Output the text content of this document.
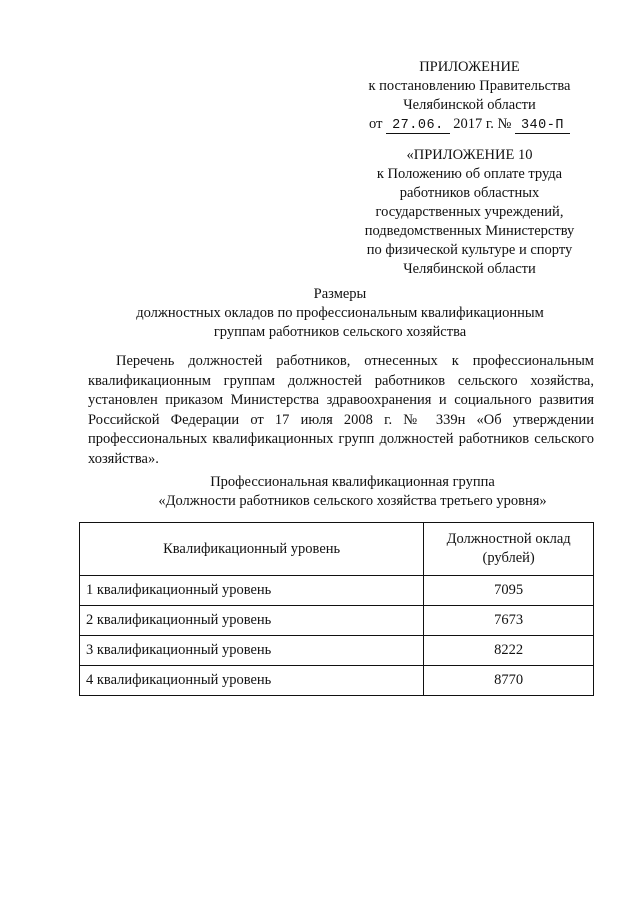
ПРИЛОЖЕНИЕ
к постановлению Правительства
Челябинской области
от 27.06. 2017 г. № 340-П
«ПРИЛОЖЕНИЕ 10
к Положению об оплате труда
работников областных
государственных учреждений,
подведомственных Министерству
по физической культуре и спорту
Челябинской области
Размеры
должностных окладов по профессиональным квалификационным
группам работников сельского хозяйства
Перечень должностей работников, отнесенных к профессиональным квалификационным группам должностей работников сельского хозяйства, установлен приказом Министерства здравоохранения и социального развития Российской Федерации от 17 июля 2008 г. № 339н «Об утверждении профессиональных квалификационных групп должностей работников сельского хозяйства».
Профессиональная квалификационная группа
«Должности работников сельского хозяйства третьего уровня»
Квалификационный уровень	Должностной оклад (рублей)
1 квалификационный уровень	7095
2 квалификационный уровень	7673
3 квалификационный уровень	8222
4 квалификационный уровень	8770
